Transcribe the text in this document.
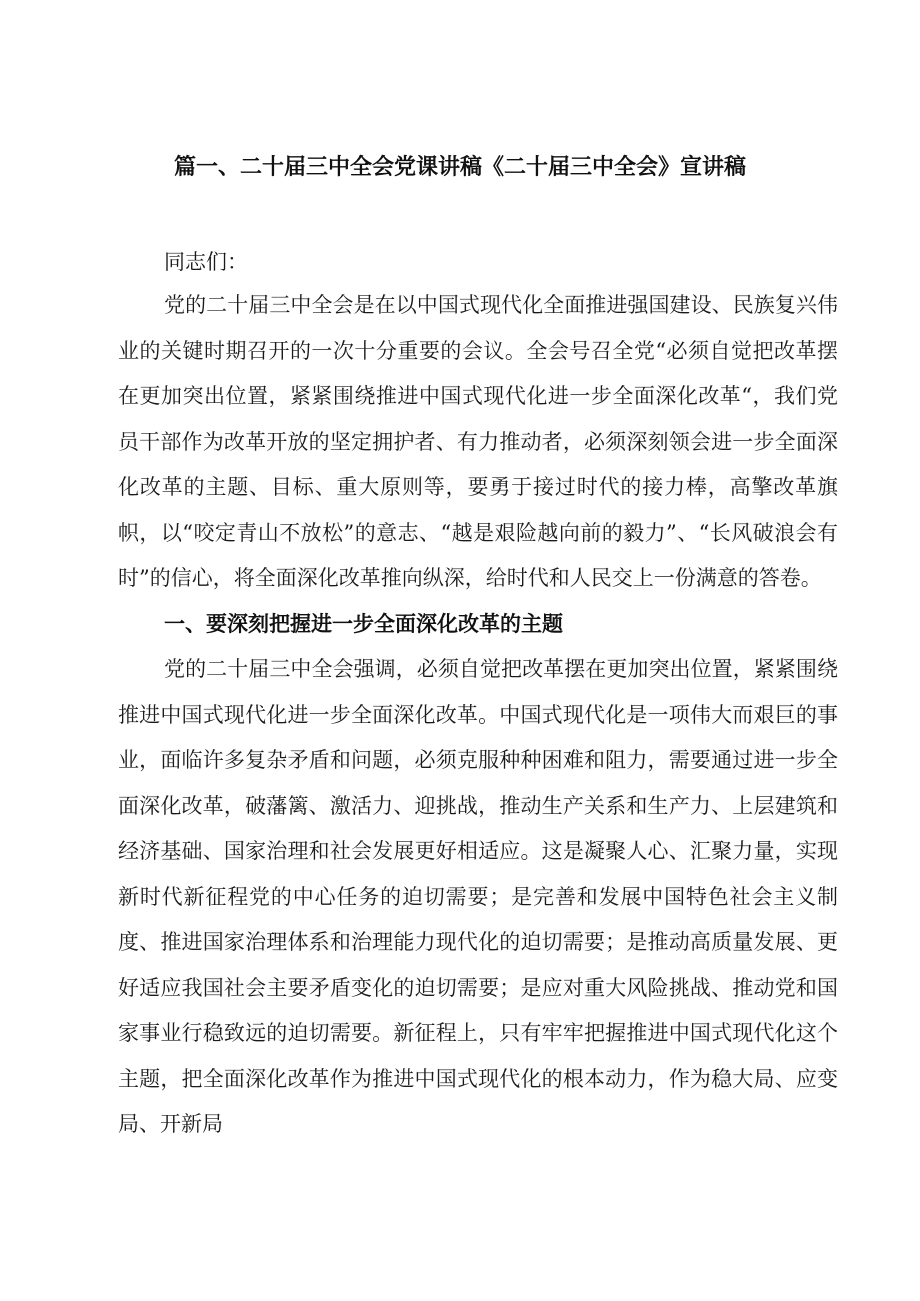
篇一、二十届三中全会党课讲稿《二十届三中全会》宣讲稿
同志们：

党的二十届三中全会是在以中国式现代化全面推进强国建设、民族复兴伟业的关键时期召开的一次十分重要的会议。全会号召全党“必须自觉把改革摆在更加突出位置，紧紧围绕推进中国式现代化进一步全面深化改革“，我们党员干部作为改革开放的坚定拥护者、有力推动者，必须深刻领会进一步全面深化改革的主题、目标、重大原则等，要勇于接过时代的接力棒，高擎改革旗帜，以“咬定青山不放松”的意志、“越是艰险越向前的毅力”、“长风破浪会有时”的信心，将全面深化改革推向纵深，给时代和人民交上一份满意的答卷。

一、要深刻把握进一步全面深化改革的主题

党的二十届三中全会强调，必须自觉把改革摆在更加突出位置，紧紧围绕推进中国式现代化进一步全面深化改革。中国式现代化是一项伟大而艰巨的事业，面临许多复杂矛盾和问题，必须克服种种困难和阻力，需要通过进一步全面深化改革，破藩篱、激活力、迎挑战，推动生产关系和生产力、上层建筑和经济基础、国家治理和社会发展更好相适应。这是凝聚人心、汇聚力量，实现新时代新征程党的中心任务的迫切需要；是完善和发展中国特色社会主义制度、推进国家治理体系和治理能力现代化的迫切需要；是推动高质量发展、更好适应我国社会主要矛盾变化的迫切需要；是应对重大风险挑战、推动党和国家事业行稳致远的迫切需要。新征程上，只有牢牢把握推进中国式现代化这个主题，把全面深化改革作为推进中国式现代化的根本动力，作为稳大局、应变局、开新局
